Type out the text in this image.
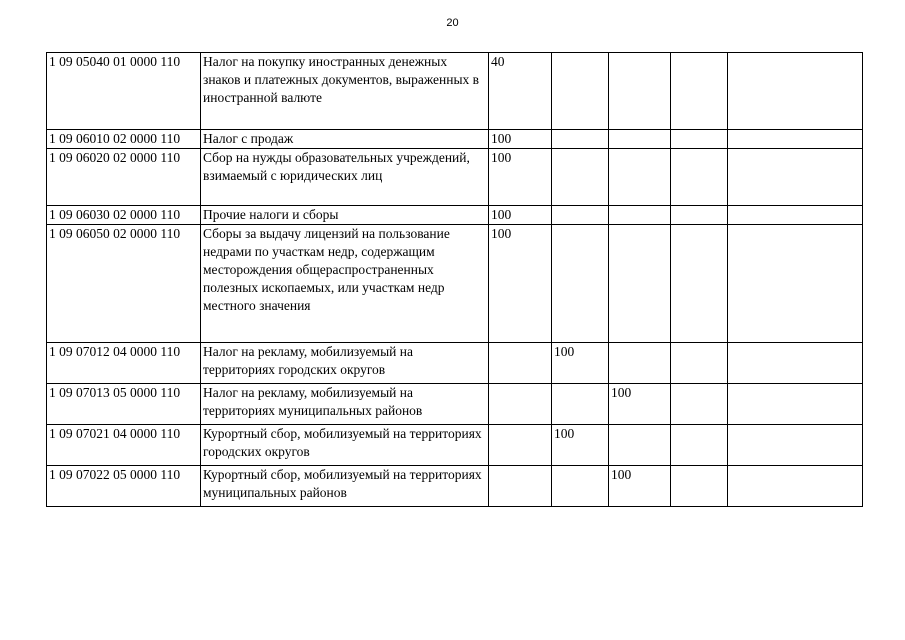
20
1 09 05040 01 0000 110	Налог на покупку иностранных денежных знаков и платежных документов, выраженных в иностранной валюте	40				
1 09 06010 02 0000 110	Налог с продаж	100				
1 09 06020 02 0000 110	Сбор на нужды образовательных учреждений, взимаемый с юридических лиц	100				
1 09 06030 02 0000 110	Прочие налоги и сборы	100				
1 09 06050 02 0000 110	Сборы за выдачу лицензий на пользование недрами по участкам недр, содержащим месторождения общераспространенных полезных ископаемых, или участкам недр местного значения	100				
1 09 07012 04 0000 110	Налог на рекламу, мобилизуемый на территориях городских округов		100			
1 09 07013 05 0000 110	Налог на рекламу, мобилизуемый на территориях муниципальных районов			100		
1 09 07021 04 0000 110	Курортный сбор, мобилизуемый на территориях городских округов		100			
1 09 07022 05 0000 110	Курортный сбор, мобилизуемый на территориях муниципальных районов			100		
